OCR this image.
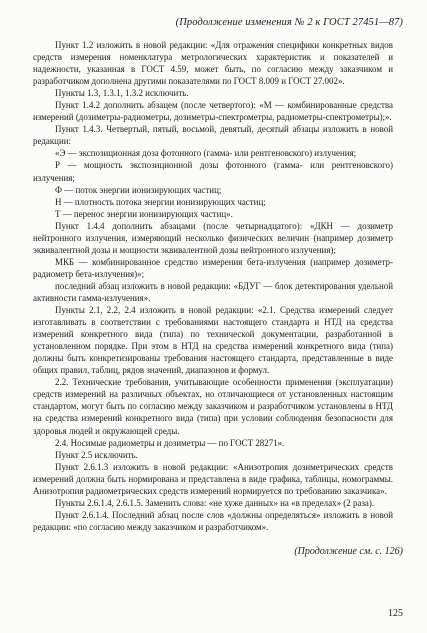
(Продолжение изменения № 2 к ГОСТ 27451—87)

Пункт 1.2 изложить в новой редакции: «Для отражения специфики конкретных видов средств измерения номенклатура метрологических характеристик и показателей и надежности, указанная в ГОСТ 4.59, может быть, по согласию между заказчиком и разработчиком дополнена другими показателями по ГОСТ 8.009 и ГОСТ 27.002».

Пункты 1.3, 1.3.1, 1.3.2 исключить.

Пункт 1.4.2 дополнить абзацем (после четвертого): «М — комбинированные средства измерений (дозиметры-радиометры, дозиметры-спектрометры, радиометры-спектрометры);».

Пункт 1.4.3. Четвертый, пятый, восьмой, девятый, десятый абзацы изложить в новой редакции:

«Э — экспозиционная доза фотонного (гамма- или рентгеновского) излучения;

Р — мощность экспозиционной дозы фотонного (гамма- или рентгеновского) излучения;

Ф — поток энергии ионизирующих частиц;

Н — плотность потока энергии ионизирующих частиц;

Т — перенос энергии ионизирующих частиц».

Пункт 1.4.4 дополнить абзацами (после четырнадцатого): «ДКН — дозиметр нейтронного излучения, измеряющий несколько физических величин (например дозиметр эквивалентной дозы и мощности эквивалентной дозы нейтронного излучения);

МКБ — комбинированное средство измерения бета-излучения (например дозиметр-радиометр бета-излучения)»;

последний абзац изложить в новой редакции: «БДУГ — блок детектирования удельной активности гамма-излучения».

Пункты 2.1, 2.2, 2.4 изложить в новой редакции: «2.1. Средства измерений следует изготавливать в соответствии с требованиями настоящего стандарта и НТД на средства измерений конкретного вида (типа) по технической документации, разработанной в установленном порядке. При этом в НТД на средства измерений конкретного вида (типа) должны быть конкретизированы требования настоящего стандарта, представленные в виде общих правил, таблиц, рядов значений, диапазонов и формул.

2.2. Технические требования, учитывающие особенности применения (эксплуатации) средств измерений на различных объектах, но отличающиеся от установленных настоящим стандартом, могут быть по согласию между заказчиком и разработчиком установлены в НТД на средства измерений конкретного вида (типа) при условии соблюдения безопасности для здоровья людей и окружающей среды.

2.4. Носимые радиометры и дозиметры — по ГОСТ 28271».

Пункт 2.5 исключить.

Пункт 2.6.1.3 изложить в новой редакции: «Анизотропия дозиметрических средств измерений должна быть нормирована и представлена в виде графика, таблицы, номограммы. Анизотропия радиометрических средств измерений нормируется по требованию заказчика».

Пункты 2.6.1.4, 2.6.1.5. Заменить слова: «не хуже данных» на «в пределах» (2 раза).

Пункт 2.6.1.4. Последний абзац после слов «должны определяться» изложить в новой редакции: «по согласию между заказчиком и разработчиком».

(Продолжение см. с. 126)
125
